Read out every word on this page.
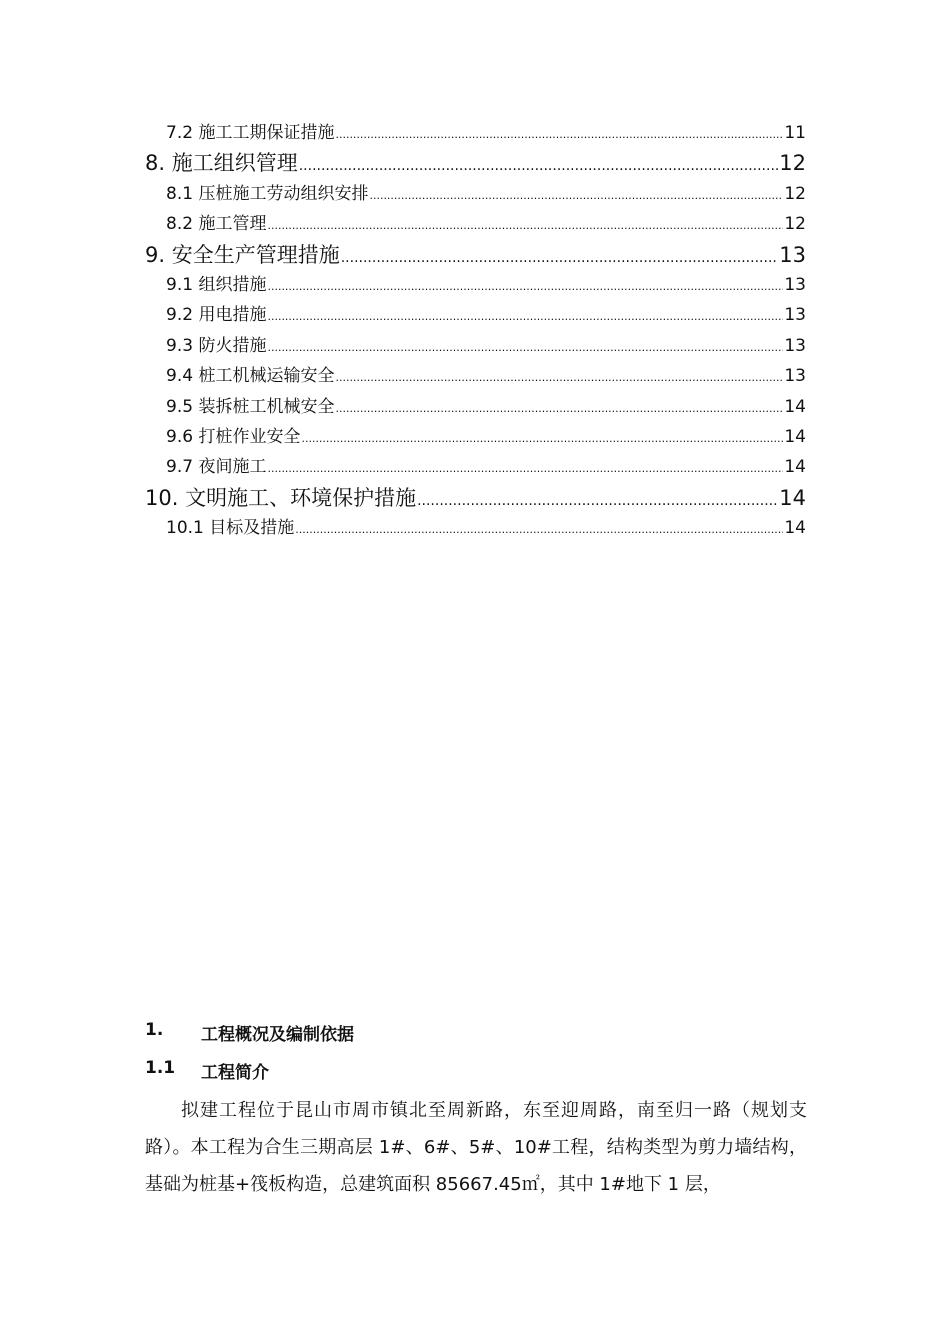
7.2 施工工期保证措施 .....	11
8. 施工组织管理 .....	12
8.1 压桩施工劳动组织安排 .....	12
8.2 施工管理 .....	12
9. 安全生产管理措施 .....	13
9.1 组织措施 .....	13
9.2 用电措施 .....	13
9.3 防火措施 .....	13
9.4 桩工机械运输安全 .....	13
9.5 装拆桩工机械安全 .....	14
9.6 打桩作业安全 .....	14
9.7 夜间施工 .....	14
10. 文明施工、环境保护措施 .....	14
10.1 目标及措施 .....	14
1.	工程概况及编制依据
1.1	工程简介
拟建工程位于昆山市周市镇北至周新路，东至迎周路，南至归一路（规划支路）。本工程为合生三期高层 1#、6#、5#、10#工程，结构类型为剪力墙结构，基础为桩基+筏板构造，总建筑面积 85667.45㎡，其中 1#地下 1 层，
